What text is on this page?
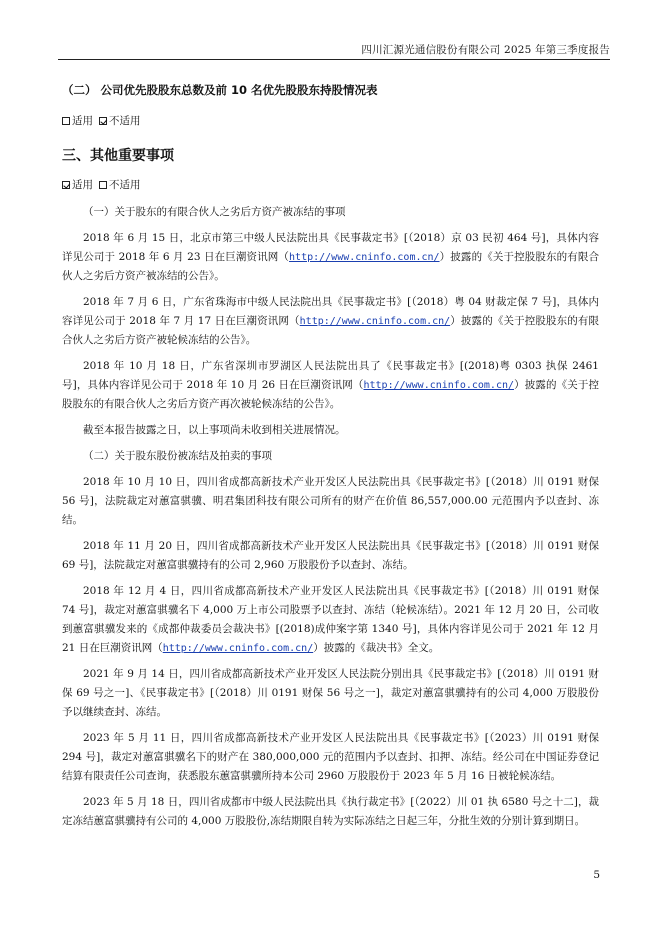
四川汇源光通信股份有限公司 2025 年第三季度报告
（二） 公司优先股股东总数及前 10 名优先股股东持股情况表
适用 不适用
三、其他重要事项
适用 不适用

（一）关于股东的有限合伙人之劣后方资产被冻结的事项

2018 年 6 月 15 日，北京市第三中级人民法院出具《民事裁定书》[（2018）京 03 民初 464 号]，具体内容详见公司于 2018 年 6 月 23 日在巨潮资讯网（http://www.cninfo.com.cn/）披露的《关于控股股东的有限合伙人之劣后方资产被冻结的公告》。

2018 年 7 月 6 日，广东省珠海市中级人民法院出具《民事裁定书》[（2018）粤 04 财裁定保 7 号]，具体内容详见公司于 2018 年 7 月 17 日在巨潮资讯网（http://www.cninfo.com.cn/）披露的《关于控股股东的有限合伙人之劣后方资产被轮候冻结的公告》。

2018 年 10 月 18 日，广东省深圳市罗湖区人民法院出具了《民事裁定书》[(2018)粤 0303 执保 2461 号]，具体内容详见公司于 2018 年 10 月 26 日在巨潮资讯网（http://www.cninfo.com.cn/）披露的《关于控股股东的有限合伙人之劣后方资产再次被轮候冻结的公告》。

截至本报告披露之日，以上事项尚未收到相关进展情况。

（二）关于股东股份被冻结及拍卖的事项

2018 年 10 月 10 日，四川省成都高新技术产业开发区人民法院出具《民事裁定书》[（2018）川 0191 财保 56 号]，法院裁定对蕙富骐骥、明君集团科技有限公司所有的财产在价值 86,557,000.00 元范围内予以查封、冻结。

2018 年 11 月 20 日，四川省成都高新技术产业开发区人民法院出具《民事裁定书》[（2018）川 0191 财保 69 号]，法院裁定对蕙富骐骥持有的公司 2,960 万股股份予以查封、冻结。

2018 年 12 月 4 日，四川省成都高新技术产业开发区人民法院出具《民事裁定书》[（2018）川 0191 财保 74 号]，裁定对蕙富骐骥名下 4,000 万上市公司股票予以查封、冻结（轮候冻结）。2021 年 12 月 20 日，公司收到蕙富骐骥发来的《成都仲裁委员会裁决书》[(2018)成仲案字第 1340 号]，具体内容详见公司于 2021 年 12 月 21 日在巨潮资讯网（http://www.cninfo.com.cn/）披露的《裁决书》全文。

2021 年 9 月 14 日，四川省成都高新技术产业开发区人民法院分别出具《民事裁定书》[（2018）川 0191 财保 69 号之一]、《民事裁定书》[（2018）川 0191 财保 56 号之一]，裁定对蕙富骐骥持有的公司 4,000 万股股份予以继续查封、冻结。

2023 年 5 月 11 日，四川省成都高新技术产业开发区人民法院出具《民事裁定书》[（2023）川 0191 财保 294 号]，裁定对蕙富骐骥名下的财产在 380,000,000 元的范围内予以查封、扣押、冻结。经公司在中国证券登记结算有限责任公司查询，获悉股东蕙富骐骥所持本公司 2960 万股股份于 2023 年 5 月 16 日被轮候冻结。

2023 年 5 月 18 日，四川省成都市中级人民法院出具《执行裁定书》[（2022）川 01 执 6580 号之十二]，裁定冻结蕙富骐骥持有公司的 4,000 万股股份,冻结期限自转为实际冻结之日起三年，分批生效的分别计算到期日。

5
